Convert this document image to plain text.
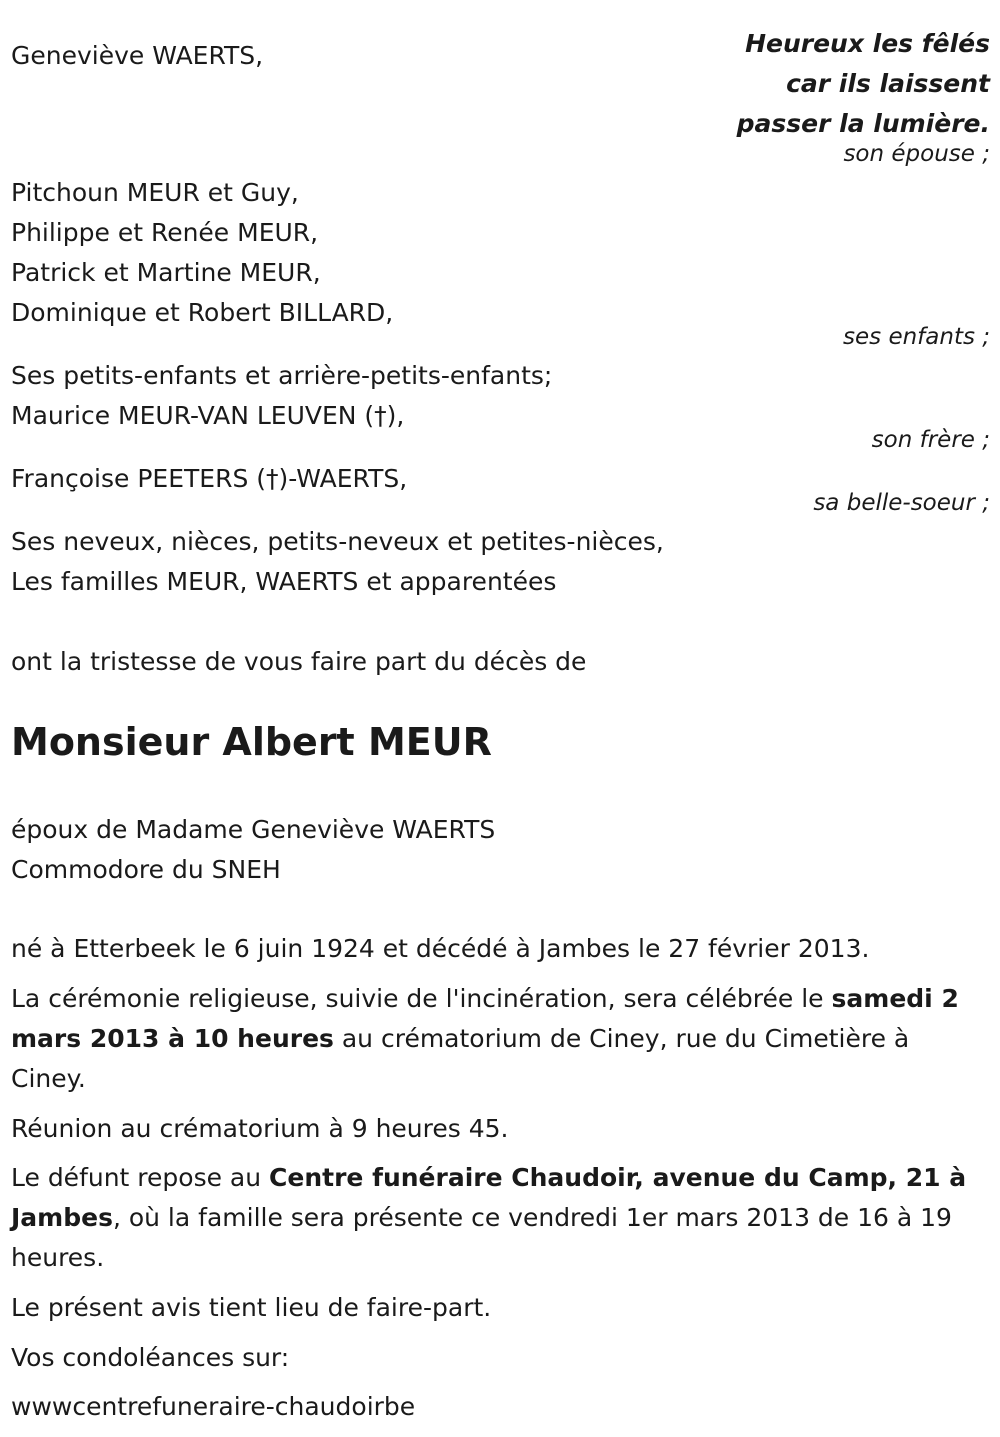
Heureux les fêlés
car ils laissent
passer la lumière.
Geneviève WAERTS,
son épouse ;
Pitchoun MEUR et Guy,
Philippe et Renée MEUR,
Patrick et Martine MEUR,
Dominique et Robert BILLARD,
ses enfants ;
Ses petits-enfants et arrière-petits-enfants;
Maurice MEUR-VAN LEUVEN (†),
son frère ;
Françoise PEETERS (†)-WAERTS,
sa belle-soeur ;
Ses neveux, nièces, petits-neveux et petites-nièces,
Les familles MEUR, WAERTS et apparentées
ont la tristesse de vous faire part du décès de
Monsieur Albert MEUR
époux de Madame Geneviève WAERTS
Commodore du SNEH
né à Etterbeek le 6 juin 1924 et décédé à Jambes le 27 février 2013.
La cérémonie religieuse, suivie de l'incinération, sera célébrée le samedi 2 mars 2013 à 10 heures au crématorium de Ciney, rue du Cimetière à Ciney.
Réunion au crématorium à 9 heures 45.
Le défunt repose au Centre funéraire Chaudoir, avenue du Camp, 21 à Jambes, où la famille sera présente ce vendredi 1er mars 2013 de 16 à 19 heures.
Le présent avis tient lieu de faire-part.
Vos condoléances sur:
wwwcentrefuneraire-chaudoirbe
